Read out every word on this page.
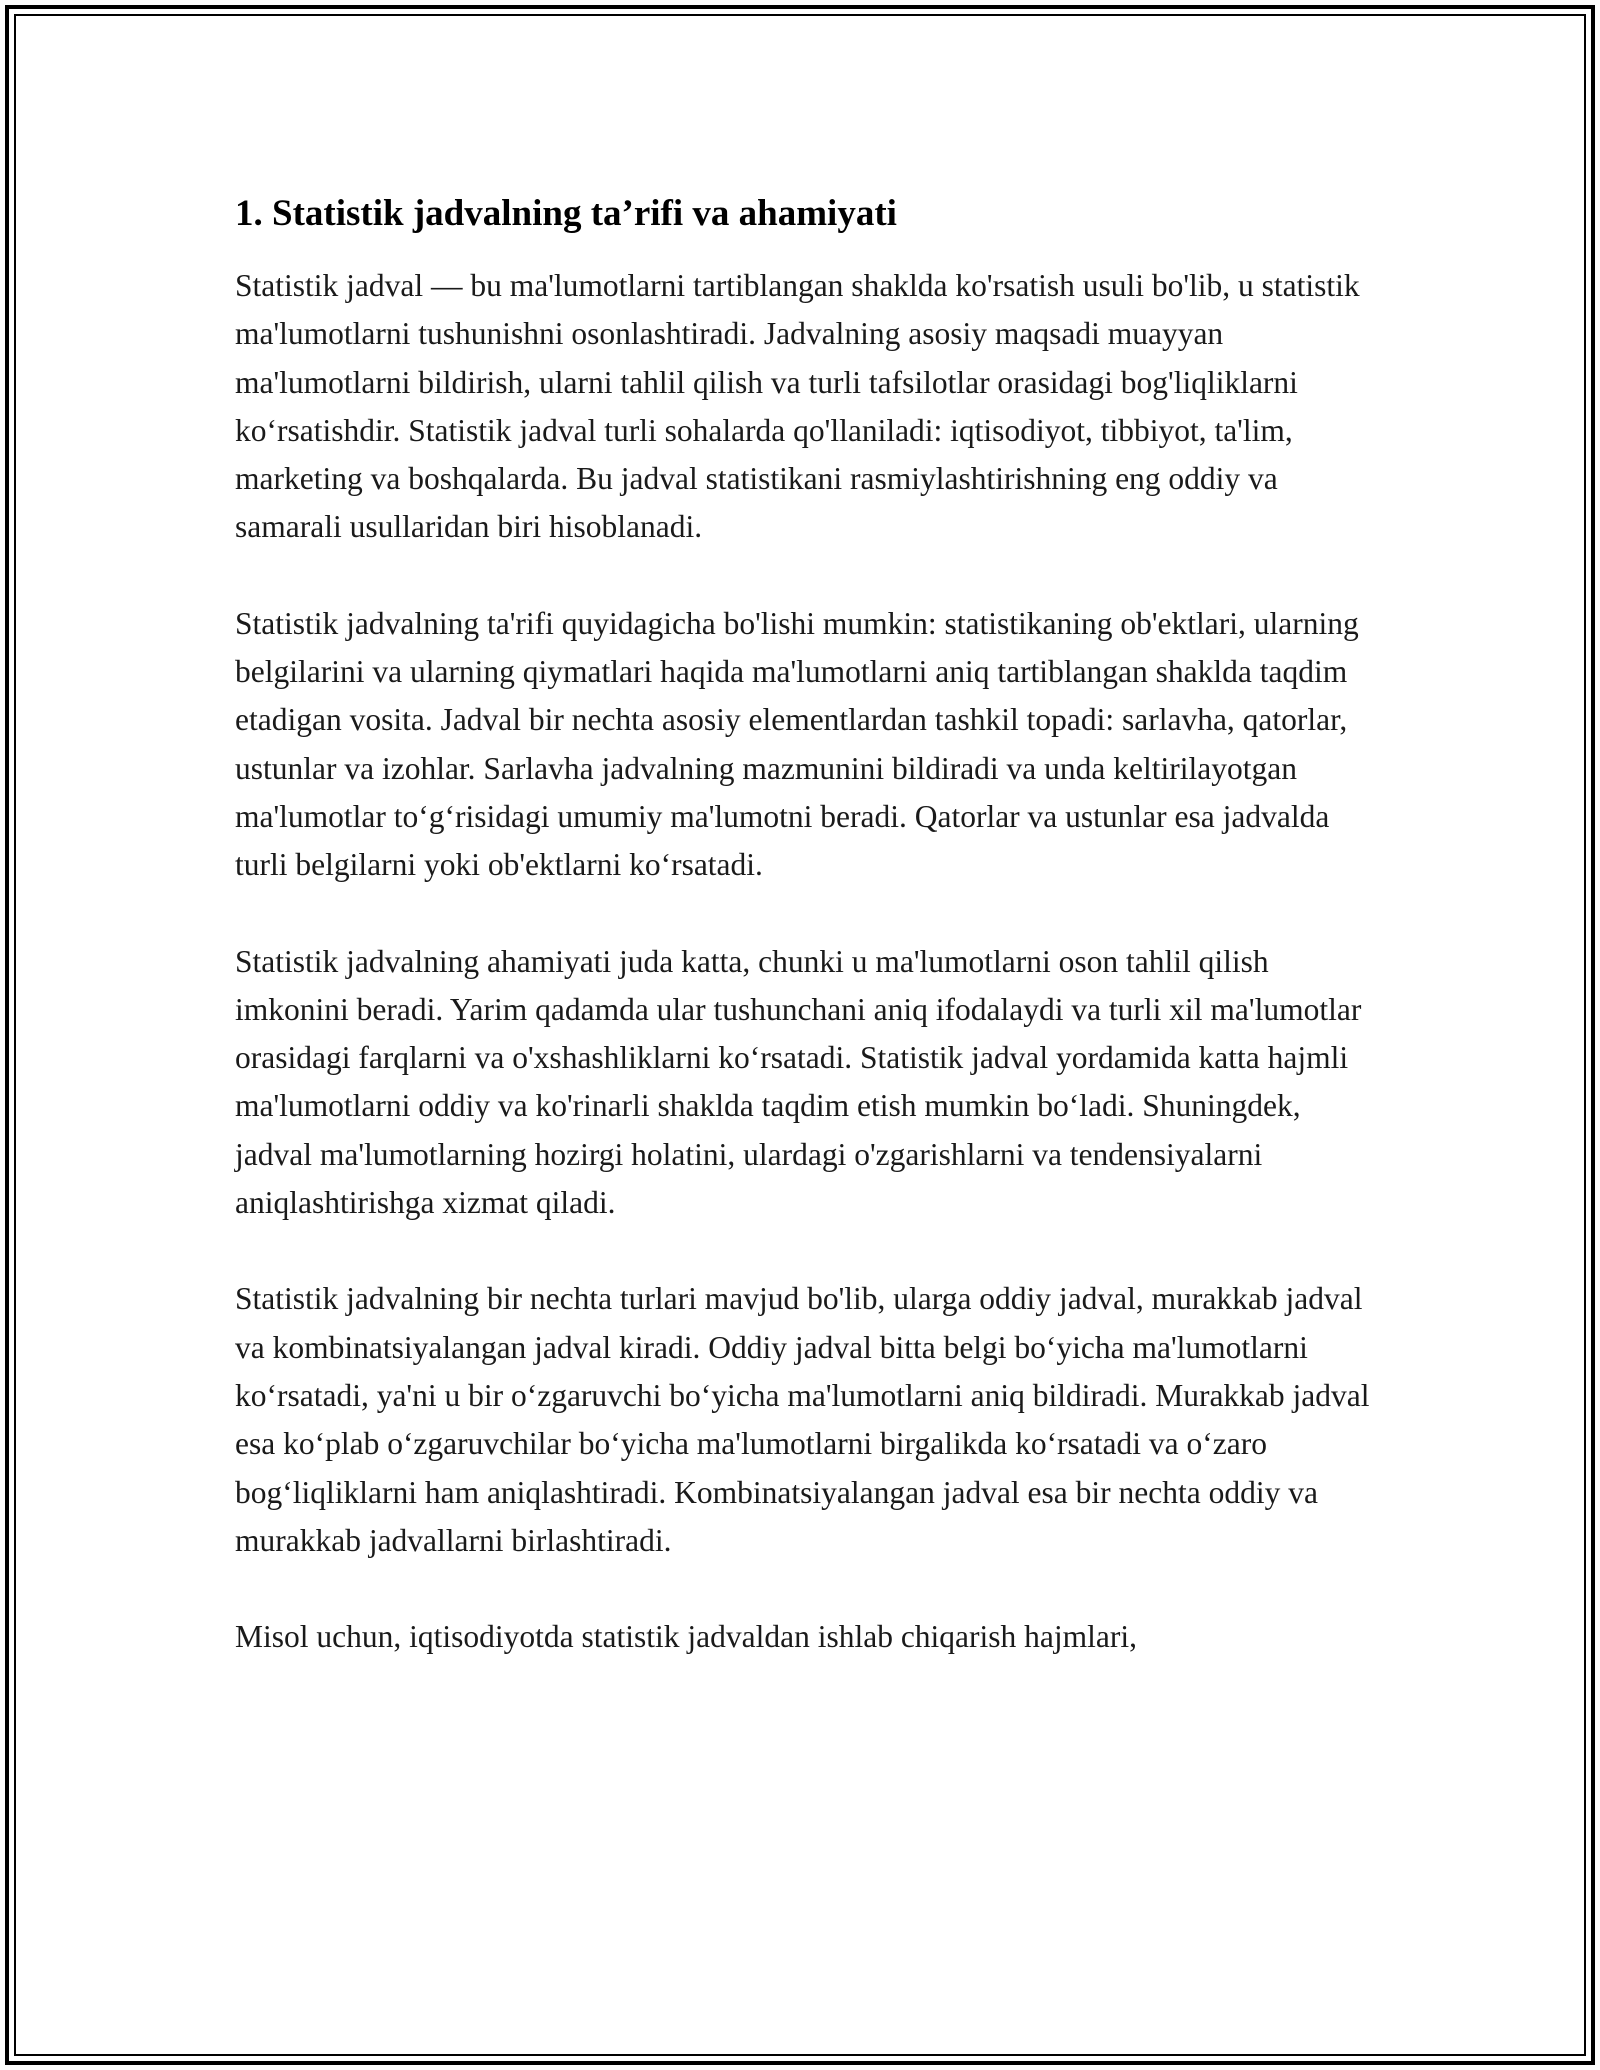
1. Statistik jadvalning ta’rifi va ahamiyati

Statistik jadval — bu ma'lumotlarni tartiblangan shaklda ko'rsatish usuli bo'lib, u statistik ma'lumotlarni tushunishni osonlashtiradi. Jadvalning asosiy maqsadi muayyan ma'lumotlarni bildirish, ularni tahlil qilish va turli tafsilotlar orasidagi bog'liqliklarni ko‘rsatishdir. Statistik jadval turli sohalarda qo'llaniladi: iqtisodiyot, tibbiyot, ta'lim, marketing va boshqalarda. Bu jadval statistikani rasmiylashtirishning eng oddiy va samarali usullaridan biri hisoblanadi.

Statistik jadvalning ta'rifi quyidagicha bo'lishi mumkin: statistikaning ob'ektlari, ularning belgilarini va ularning qiymatlari haqida ma'lumotlarni aniq tartiblangan shaklda taqdim etadigan vosita. Jadval bir nechta asosiy elementlardan tashkil topadi: sarlavha, qatorlar, ustunlar va izohlar. Sarlavha jadvalning mazmunini bildiradi va unda keltirilayotgan ma'lumotlar to‘g‘risidagi umumiy ma'lumotni beradi. Qatorlar va ustunlar esa jadvalda turli belgilarni yoki ob'ektlarni ko‘rsatadi.

Statistik jadvalning ahamiyati juda katta, chunki u ma'lumotlarni oson tahlil qilish imkonini beradi. Yarim qadamda ular tushunchani aniq ifodalaydi va turli xil ma'lumotlar orasidagi farqlarni va o'xshashliklarni ko‘rsatadi. Statistik jadval yordamida katta hajmli ma'lumotlarni oddiy va ko'rinarli shaklda taqdim etish mumkin bo‘ladi. Shuningdek, jadval ma'lumotlarning hozirgi holatini, ulardagi o'zgarishlarni va tendensiyalarni aniqlashtirishga xizmat qiladi.

Statistik jadvalning bir nechta turlari mavjud bo'lib, ularga oddiy jadval, murakkab jadval va kombinatsiyalangan jadval kiradi. Oddiy jadval bitta belgi bo‘yicha ma'lumotlarni ko‘rsatadi, ya'ni u bir o‘zgaruvchi bo‘yicha ma'lumotlarni aniq bildiradi. Murakkab jadval esa ko‘plab o‘zgaruvchilar bo‘yicha ma'lumotlarni birgalikda ko‘rsatadi va o‘zaro bog‘liqliklarni ham aniqlashtiradi. Kombinatsiyalangan jadval esa bir nechta oddiy va murakkab jadvallarni birlashtiradi.

Misol uchun, iqtisodiyotda statistik jadvaldan ishlab chiqarish hajmlari,
